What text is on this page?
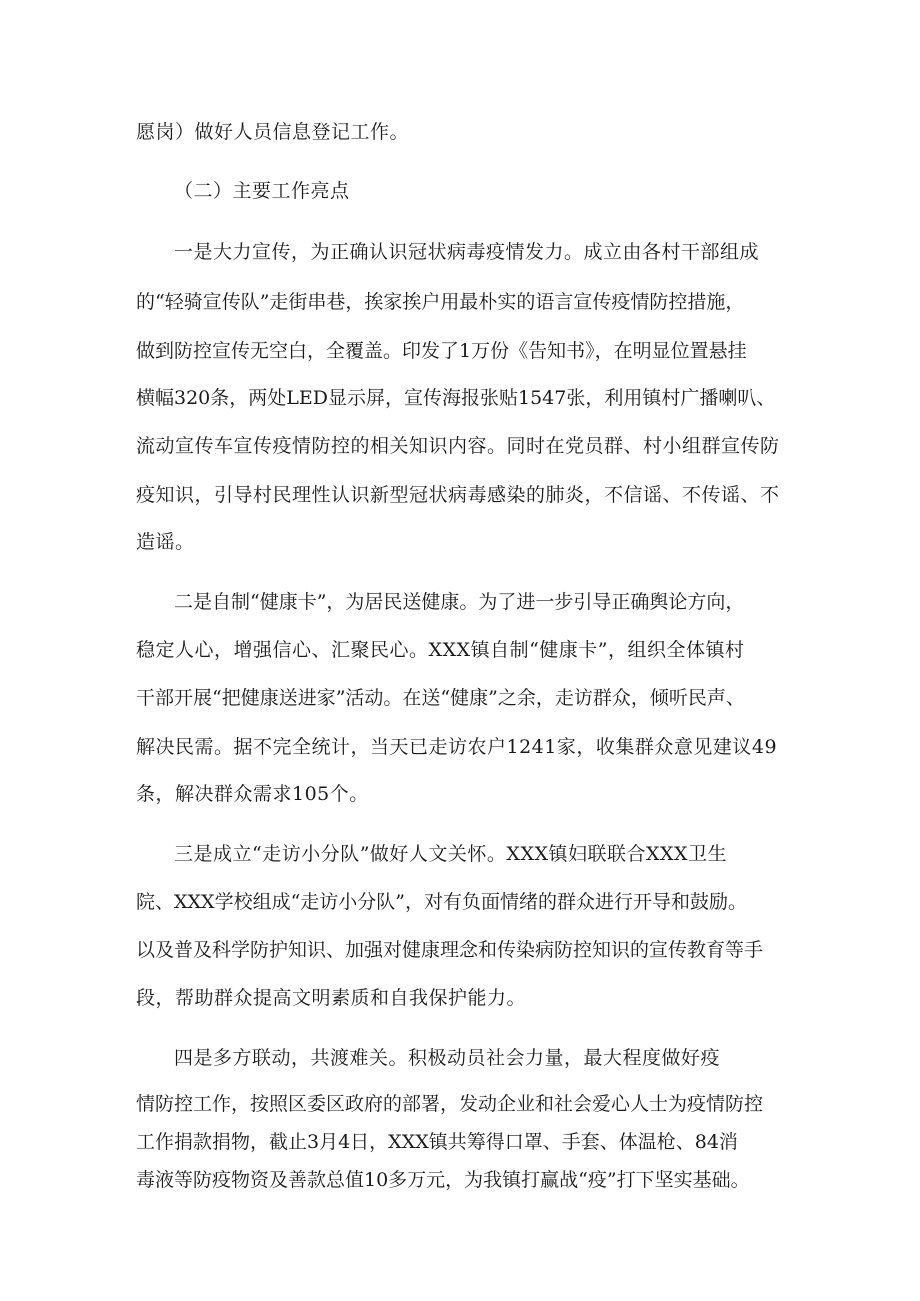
愿岗）做好人员信息登记工作。
（二）主要工作亮点
一是大力宣传，为正确认识冠状病毒疫情发力。成立由各村干部组成
的“轻骑宣传队”走街串巷，挨家挨户用最朴实的语言宣传疫情防控措施，
做到防控宣传无空白，全覆盖。印发了1万份《告知书》，在明显位置悬挂
横幅320条，两处LED显示屏，宣传海报张贴1547张，利用镇村广播喇叭、
流动宣传车宣传疫情防控的相关知识内容。同时在党员群、村小组群宣传防
疫知识，引导村民理性认识新型冠状病毒感染的肺炎，不信谣、不传谣、不
造谣。
二是自制“健康卡”，为居民送健康。为了进一步引导正确舆论方向，
稳定人心，增强信心、汇聚民心。XXX镇自制“健康卡”，组织全体镇村
干部开展“把健康送进家”活动。在送“健康”之余，走访群众，倾听民声、
解决民需。据不完全统计，当天已走访农户1241家，收集群众意见建议49
条，解决群众需求105个。
三是成立“走访小分队”做好人文关怀。XXX镇妇联联合XXX卫生
院、XXX学校组成“走访小分队”，对有负面情绪的群众进行开导和鼓励。
以及普及科学防护知识、加强对健康理念和传染病防控知识的宣传教育等手
段，帮助群众提高文明素质和自我保护能力。
四是多方联动，共渡难关。积极动员社会力量，最大程度做好疫
情防控工作，按照区委区政府的部署，发动企业和社会爱心人士为疫情防控
工作捐款捐物，截止3月4日，XXX镇共筹得口罩、手套、体温枪、84消
毒液等防疫物资及善款总值10多万元，为我镇打赢战“疫”打下坚实基础。
